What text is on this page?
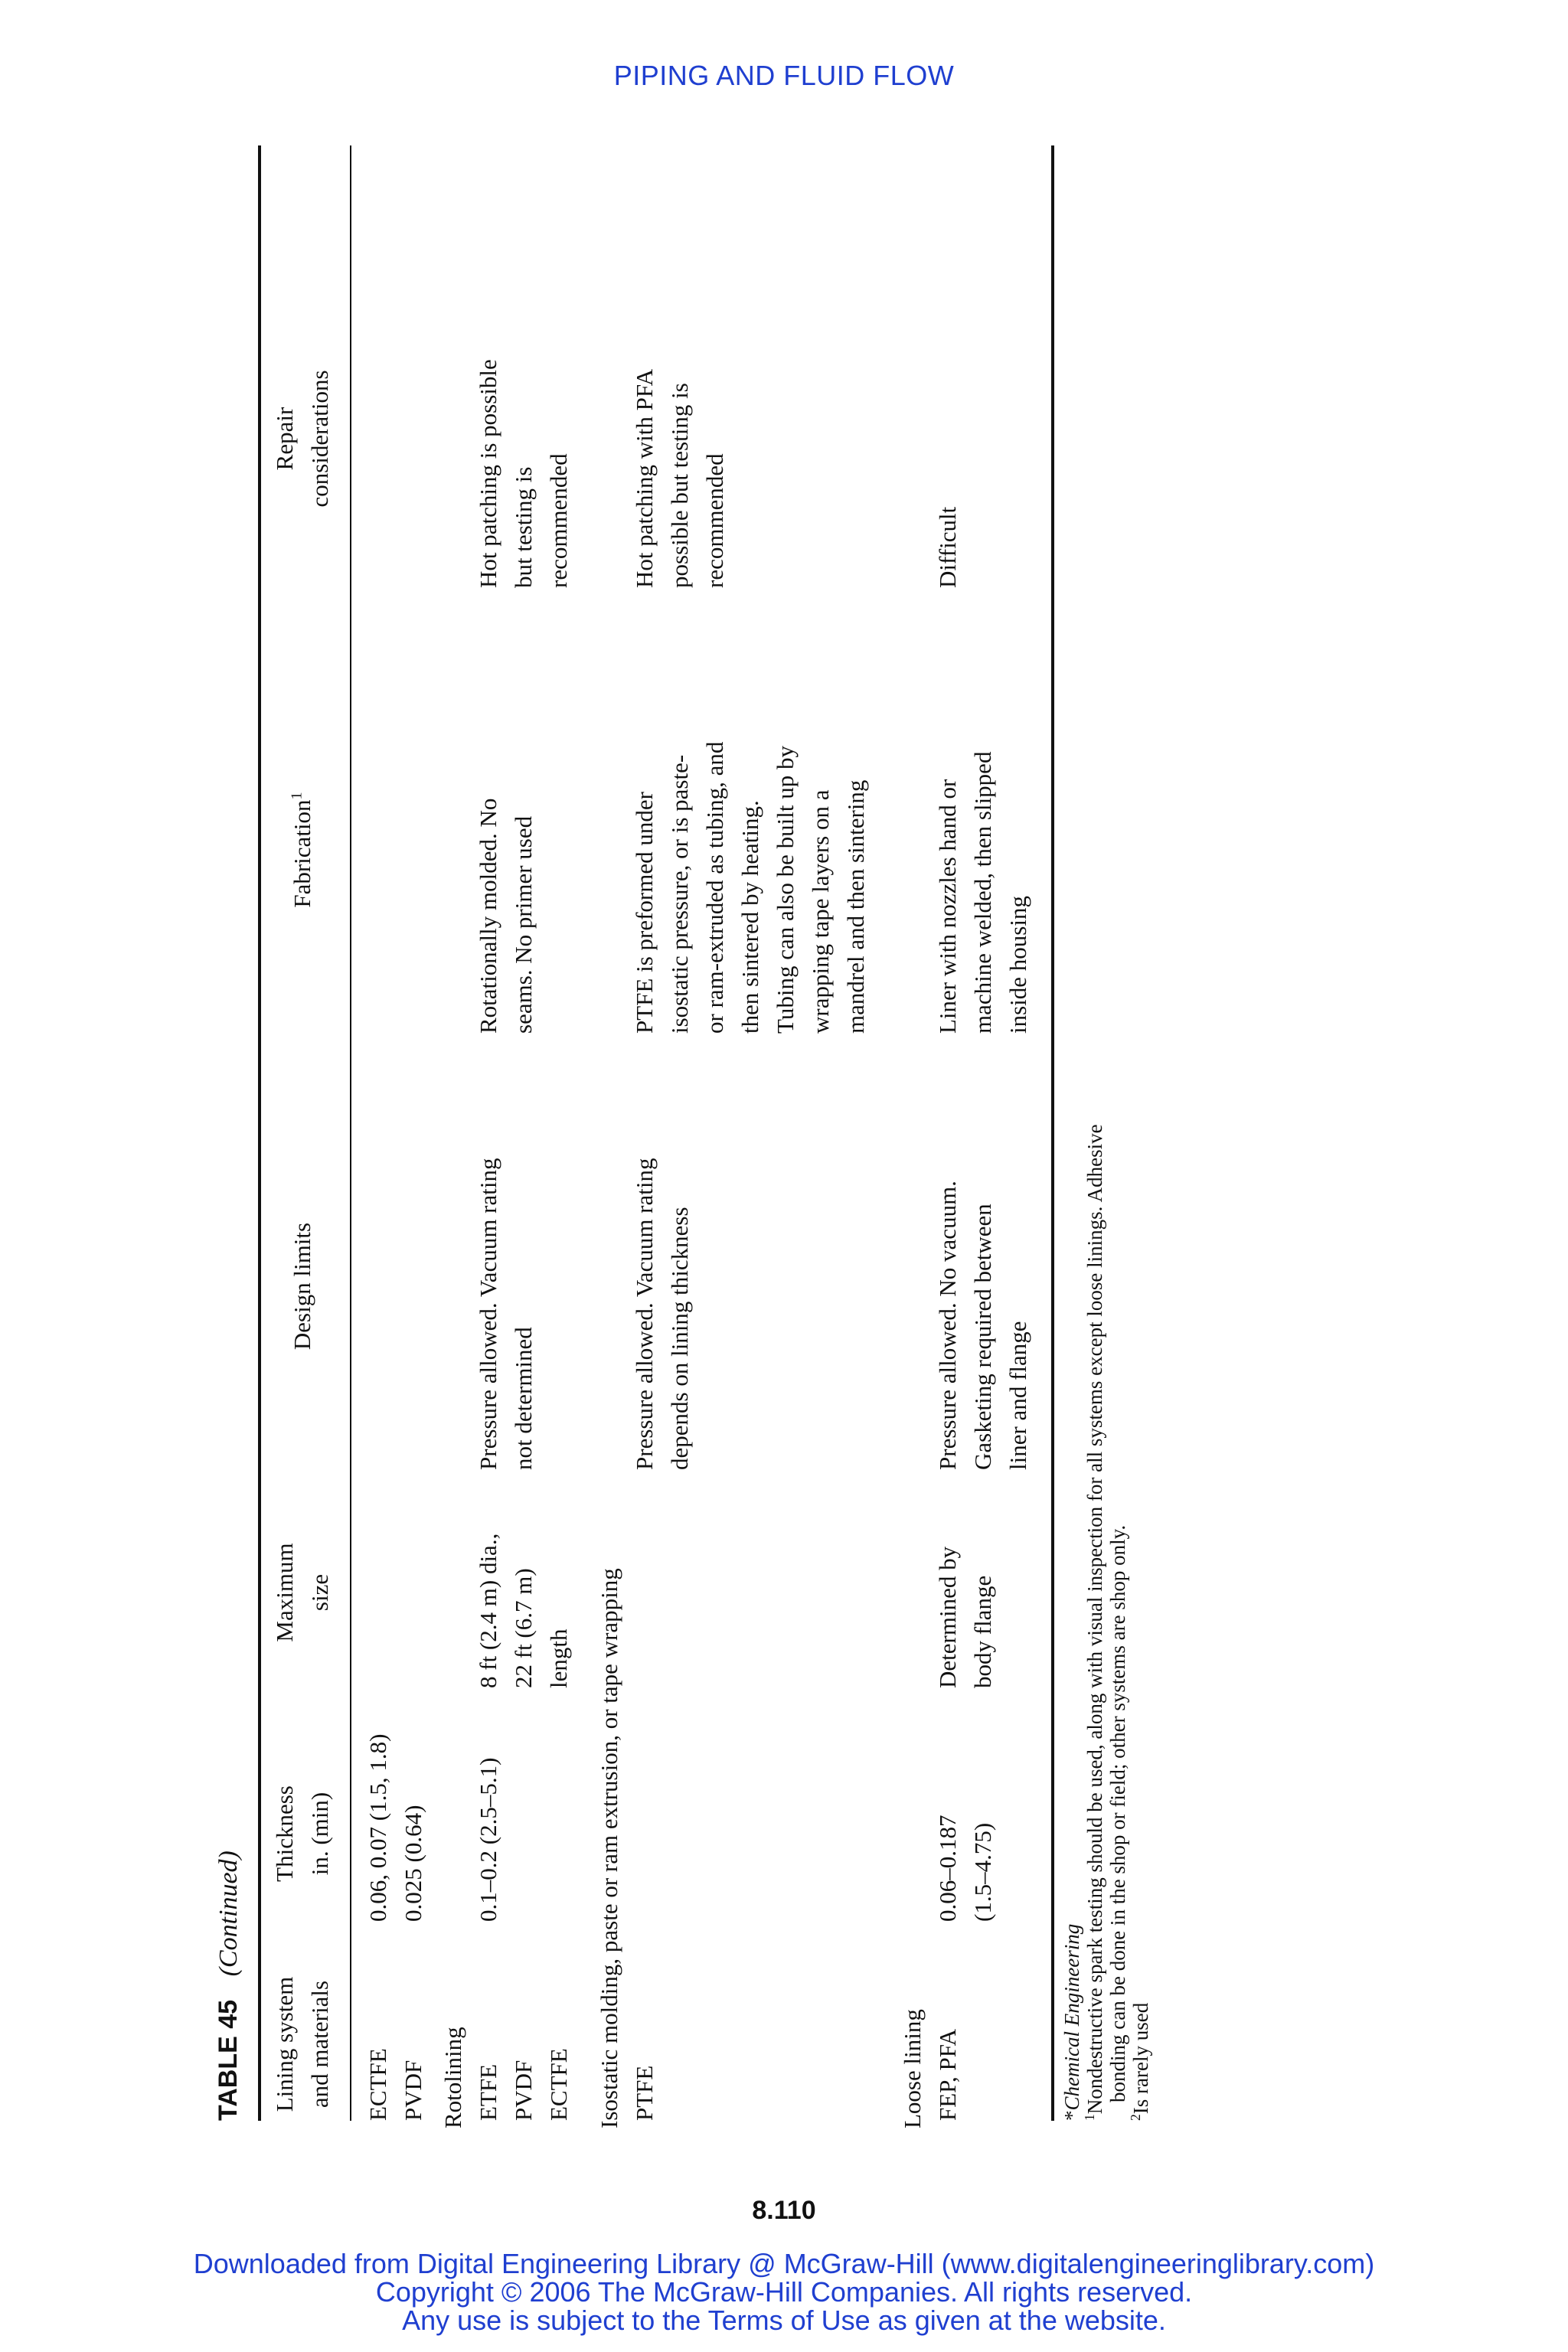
PIPING AND FLUID FLOW
TABLE 45 (Continued)
Lining system and materials
Thickness in. (min)
Maximum size
Design limits
Fabrication$^1$
Repair considerations
ECTFE PVDF
0.06, 0.07 (1.5, 1.8) 0.025 (0.64)
Rotolining ETFE PVDF ECTFE
0.1–0.2 (2.5–5.1)
8 ft (2.4 m) dia., 22 ft (6.7 m) length
Pressure allowed. Vacuum rating not determined
Rotationally molded. No seams. No primer used
Hot patching is possible but testing is recommended
Isostatic molding, paste or ram extrusion, or tape wrapping PTFE
Pressure allowed. Vacuum rating depends on lining thickness
PTFE is preformed under isostatic pressure, or is paste- or ram-extruded as tubing, and then sintered by heating. Tubing can also be built up by wrapping tape layers on a mandrel and then sintering
Hot patching with PFA possible but testing is recommended
Loose lining FEP, PFA
0.06–0.187 (1.5–4.75)
Determined by body flange
Pressure allowed. No vacuum. Gasketing required between liner and flange
Liner with nozzles hand or machine welded, then slipped inside housing
Difficult
*Chemical Engineering
$^1$Nondestructive spark testing should be used, along with visual inspection for all systems except loose linings. Adhesive bonding can be done in the shop or field; other systems are shop only.
$^2$Is rarely used
8.110
Downloaded from Digital Engineering Library @ McGraw-Hill (www.digitalengineeringlibrary.com)
Copyright © 2006 The McGraw-Hill Companies. All rights reserved.
Any use is subject to the Terms of Use as given at the website.
